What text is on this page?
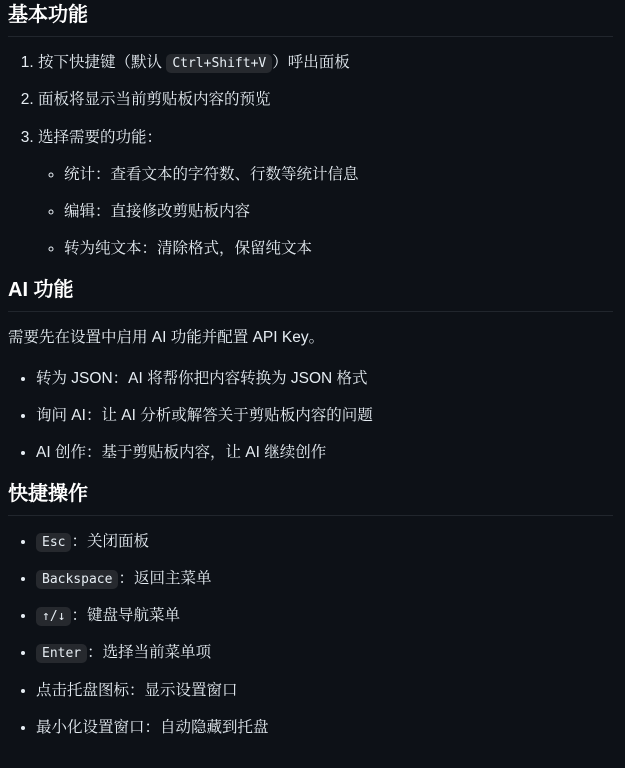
基本功能
1. 按下快捷键（默认 Ctrl+Shift+V ）呼出面板
2. 面板将显示当前剪贴板内容的预览
3. 选择需要的功能：
◦ 统计：查看文本的字符数、行数等统计信息
◦ 编辑：直接修改剪贴板内容
◦ 转为纯文本：清除格式，保留纯文本
AI 功能

需要先在设置中启用 AI 功能并配置 API Key。

• 转为 JSON：AI 将帮你把内容转换为 JSON 格式
• 询问 AI：让 AI 分析或解答关于剪贴板内容的问题
• AI 创作：基于剪贴板内容，让 AI 继续创作
快捷操作
• Esc ：关闭面板
• Backspace ：返回主菜单
• ↑/↓ ：键盘导航菜单
• Enter ：选择当前菜单项
• 点击托盘图标：显示设置窗口
• 最小化设置窗口：自动隐藏到托盘
